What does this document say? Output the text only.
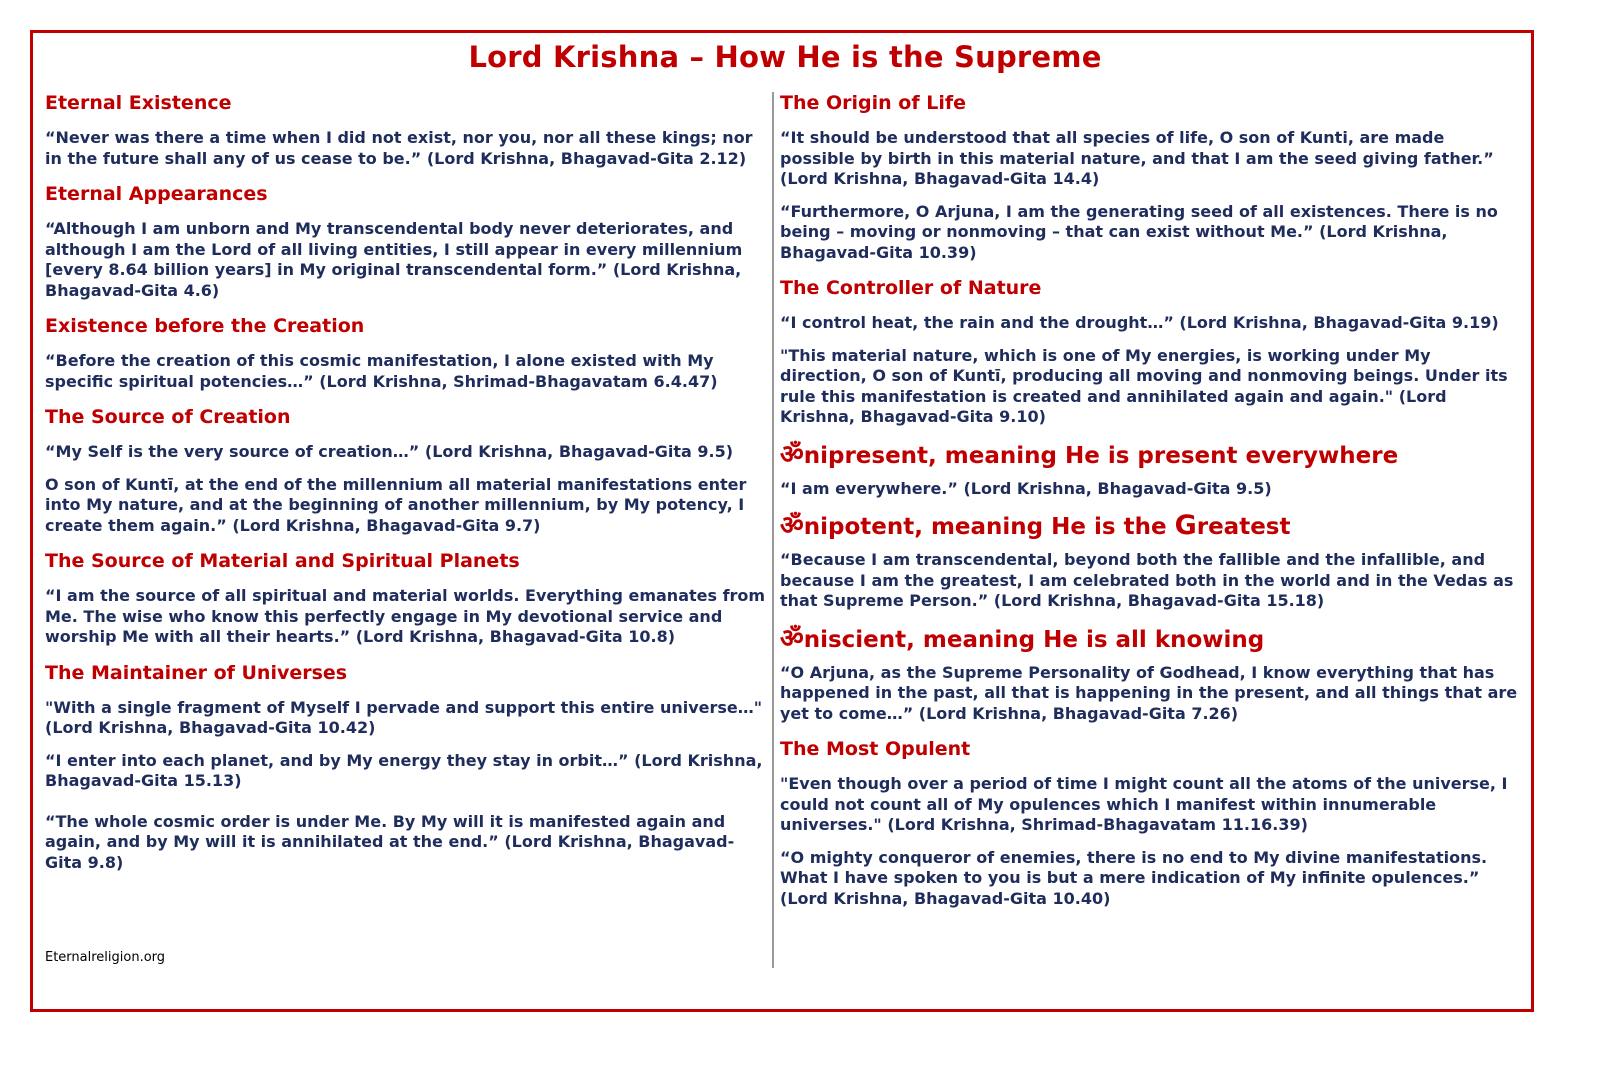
Lord Krishna – How He is the Supreme
Eternal Existence

“Never was there a time when I did not exist, nor you, nor all these kings; nor in the future shall any of us cease to be.” (Lord Krishna, Bhagavad-Gita 2.12)

Eternal Appearances

“Although I am unborn and My transcendental body never deteriorates, and although I am the Lord of all living entities, I still appear in every millennium [every 8.64 billion years] in My original transcendental form.” (Lord Krishna, Bhagavad-Gita 4.6)

Existence before the Creation

“Before the creation of this cosmic manifestation, I alone existed with My specific spiritual potencies…” (Lord Krishna, Shrimad-Bhagavatam 6.4.47)

The Source of Creation

“My Self is the very source of creation…” (Lord Krishna, Bhagavad-Gita 9.5)

O son of Kuntī, at the end of the millennium all material manifestations enter into My nature, and at the beginning of another millennium, by My potency, I create them again.” (Lord Krishna, Bhagavad-Gita 9.7)

The Source of Material and Spiritual Planets

“I am the source of all spiritual and material worlds. Everything emanates from Me. The wise who know this perfectly engage in My devotional service and worship Me with all their hearts.” (Lord Krishna, Bhagavad-Gita 10.8)

The Maintainer of Universes

"With a single fragment of Myself I pervade and support this entire universe…" (Lord Krishna, Bhagavad-Gita 10.42)

“I enter into each planet, and by My energy they stay in orbit…” (Lord Krishna, Bhagavad-Gita 15.13)

“The whole cosmic order is under Me. By My will it is manifested again and again, and by My will it is annihilated at the end.” (Lord Krishna, Bhagavad-Gita 9.8)

The Origin of Life

“It should be understood that all species of life, O son of Kunti, are made possible by birth in this material nature, and that I am the seed giving father.” (Lord Krishna, Bhagavad-Gita 14.4)

“Furthermore, O Arjuna, I am the generating seed of all existences. There is no being – moving or nonmoving – that can exist without Me.” (Lord Krishna, Bhagavad-Gita 10.39)

The Controller of Nature

“I control heat, the rain and the drought…” (Lord Krishna, Bhagavad-Gita 9.19)

"This material nature, which is one of My energies, is working under My direction, O son of Kuntī, producing all moving and nonmoving beings. Under its rule this manifestation is created and annihilated again and again." (Lord Krishna, Bhagavad-Gita 9.10)

ॐnipresent, meaning He is present everywhere

“I am everywhere.” (Lord Krishna, Bhagavad-Gita 9.5)

ॐnipotent, meaning He is the Greatest

“Because I am transcendental, beyond both the fallible and the infallible, and because I am the greatest, I am celebrated both in the world and in the Vedas as that Supreme Person.” (Lord Krishna, Bhagavad-Gita 15.18)

ॐniscient, meaning He is all knowing

“O Arjuna, as the Supreme Personality of Godhead, I know everything that has happened in the past, all that is happening in the present, and all things that are yet to come…” (Lord Krishna, Bhagavad-Gita 7.26)

The Most Opulent

"Even though over a period of time I might count all the atoms of the universe, I could not count all of My opulences which I manifest within innumerable universes." (Lord Krishna, Shrimad-Bhagavatam 11.16.39)

“O mighty conqueror of enemies, there is no end to My divine manifestations. What I have spoken to you is but a mere indication of My infinite opulences.” (Lord Krishna, Bhagavad-Gita 10.40)

Eternalreligion.org
